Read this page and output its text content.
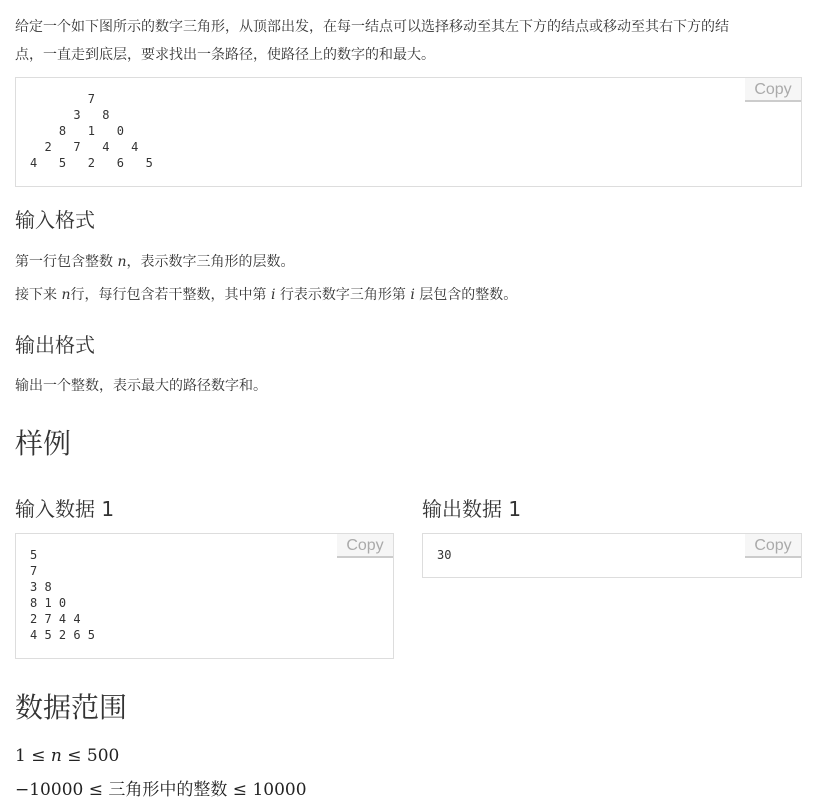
给定一个如下图所示的数字三角形，从顶部出发，在每一结点可以选择移动至其左下方的结点或移动至其右下方的结

点，一直走到底层，要求找出一条路径，使路径上的数字的和最大。

7
3   8
8   1   0
2   7   4   4
4   5   2   6   5
Copy
输入格式

第一行包含整数 n，表示数字三角形的层数。

接下来 n行，每行包含若干整数，其中第 i 行表示数字三角形第 i 层包含的整数。

输出格式

输出一个整数，表示最大的路径数字和。

样例
输入数据 1
5
7
3 8
8 1 0
2 7 4 4
4 5 2 6 5
Copy
输出数据 1
30
Copy
数据范围
1 ≤ n ≤ 500
−10000 ≤ 三角形中的整数 ≤ 10000
